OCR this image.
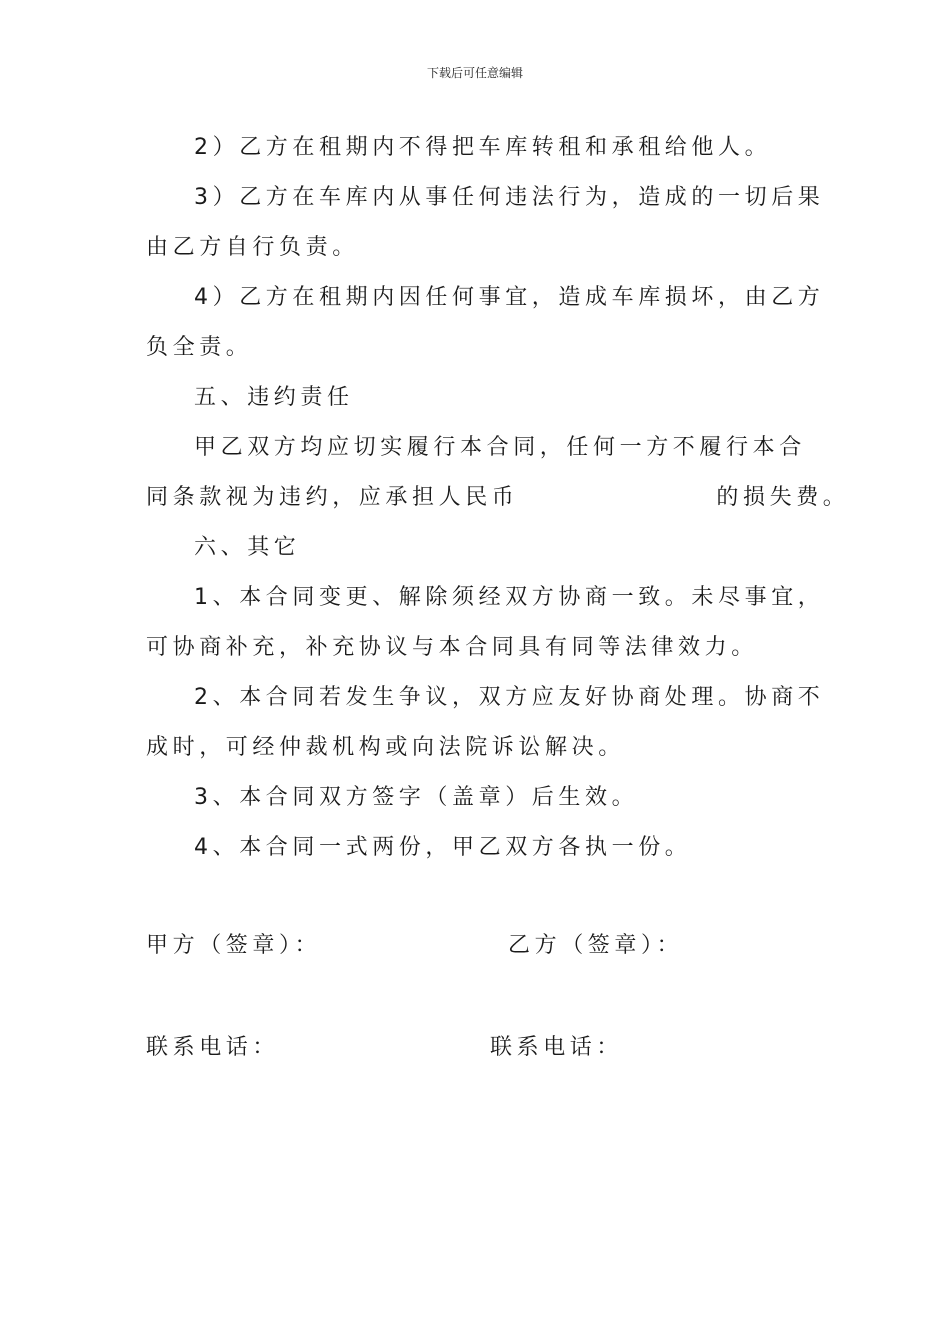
下载后可任意编辑
2）乙方在租期内不得把车库转租和承租给他人。
3）乙方在车库内从事任何违法行为，造成的一切后果
由乙方自行负责。
4）乙方在租期内因任何事宜，造成车库损坏，由乙方
负全责。
五、违约责任
甲乙双方均应切实履行本合同，任何一方不履行本合
同条款视为违约，应承担人民币	的损失费。
六、其它
1、本合同变更、解除须经双方协商一致。未尽事宜，
可协商补充，补充协议与本合同具有同等法律效力。
2、本合同若发生争议，双方应友好协商处理。协商不
成时，可经仲裁机构或向法院诉讼解决。
3、本合同双方签字（盖章）后生效。
4、本合同一式两份，甲乙双方各执一份。
甲方（签章）：	乙方（签章）：
联系电话：	联系电话：
